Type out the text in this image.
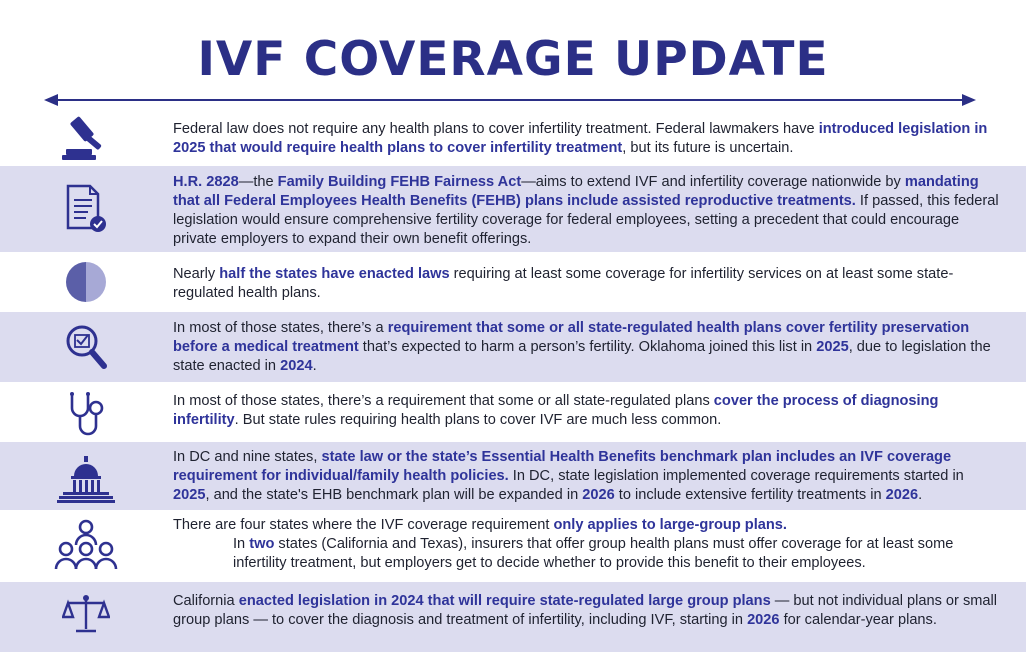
IVF COVERAGE UPDATE
Federal law does not require any health plans to cover infertility treatment. Federal lawmakers have introduced legislation in 2025 that would require health plans to cover infertility treatment, but its future is uncertain.
H.R. 2828—the Family Building FEHB Fairness Act—aims to extend IVF and infertility coverage nationwide by mandating that all Federal Employees Health Benefits (FEHB) plans include assisted reproductive treatments. If passed, this federal legislation would ensure comprehensive fertility coverage for federal employees, setting a precedent that could encourage private employers to expand their own benefit offerings.
Nearly half the states have enacted laws requiring at least some coverage for infertility services on at least some state-regulated health plans.
In most of those states, there’s a requirement that some or all state-regulated health plans cover fertility preservation before a medical treatment that’s expected to harm a person’s fertility. Oklahoma joined this list in 2025, due to legislation the state enacted in 2024.
In most of those states, there’s a requirement that some or all state-regulated plans cover the process of diagnosing infertility. But state rules requiring health plans to cover IVF are much less common.
In DC and nine states, state law or the state’s Essential Health Benefits benchmark plan includes an IVF coverage requirement for individual/family health policies. In DC, state legislation implemented coverage requirements started in 2025, and the state's EHB benchmark plan will be expanded in 2026 to include extensive fertility treatments in 2026.
There are four states where the IVF coverage requirement only applies to large-group plans.
In two states (California and Texas), insurers that offer group health plans must offer coverage for at least some infertility treatment, but employers get to decide whether to provide this benefit to their employees.
California enacted legislation in 2024 that will require state-regulated large group plans — but not individual plans or small group plans — to cover the diagnosis and treatment of infertility, including IVF, starting in 2026 for calendar-year plans.
